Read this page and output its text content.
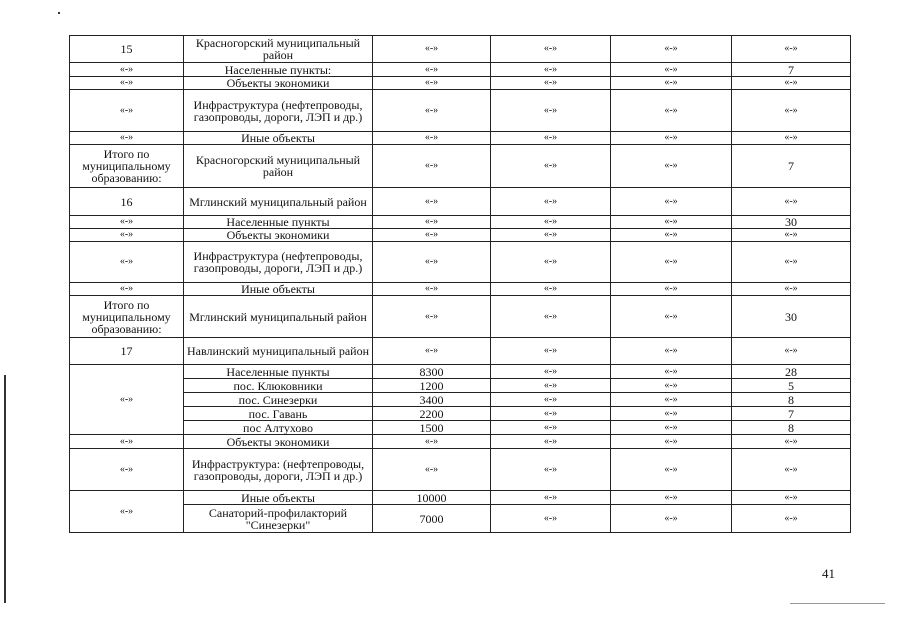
15	Красногорский муниципальный район	«-»	«-»	«-»	«-»
«-»	Населенные пункты:	«-»	«-»	«-»	7
«-»	Объекты экономики	«-»	«-»	«-»	«-»
«-»	Инфраструктура (нефтепроводы, газопроводы, дороги, ЛЭП и др.)	«-»	«-»	«-»	«-»
«-»	Иные объекты	«-»	«-»	«-»	«-»
Итого по муниципальному образованию:	Красногорский муниципальный район	«-»	«-»	«-»	7
16	Мглинский муниципальный район	«-»	«-»	«-»	«-»
«-»	Населенные пункты	«-»	«-»	«-»	30
«-»	Объекты экономики	«-»	«-»	«-»	«-»
«-»	Инфраструктура (нефтепроводы, газопроводы, дороги, ЛЭП и др.)	«-»	«-»	«-»	«-»
«-»	Иные объекты	«-»	«-»	«-»	«-»
Итого по муниципальному образованию:	Мглинский муниципальный район	«-»	«-»	«-»	30
17	Навлинский муниципальный район	«-»	«-»	«-»	«-»
«-»	Населенные пункты	8300	«-»	«-»	28
	пос. Клюковники	1200	«-»	«-»	5
	пос. Синезерки	3400	«-»	«-»	8
	пос. Гавань	2200	«-»	«-»	7
	пос Алтухово	1500	«-»	«-»	8
«-»	Объекты экономики	«-»	«-»	«-»	«-»
«-»	Инфраструктура: (нефтепроводы, газопроводы, дороги, ЛЭП и др.)	«-»	«-»	«-»	«-»
«-»	Иные объекты	10000	«-»	«-»	«-»
	Санаторий-профилакторий "Синезерки"	7000	«-»	«-»	«-»
41
